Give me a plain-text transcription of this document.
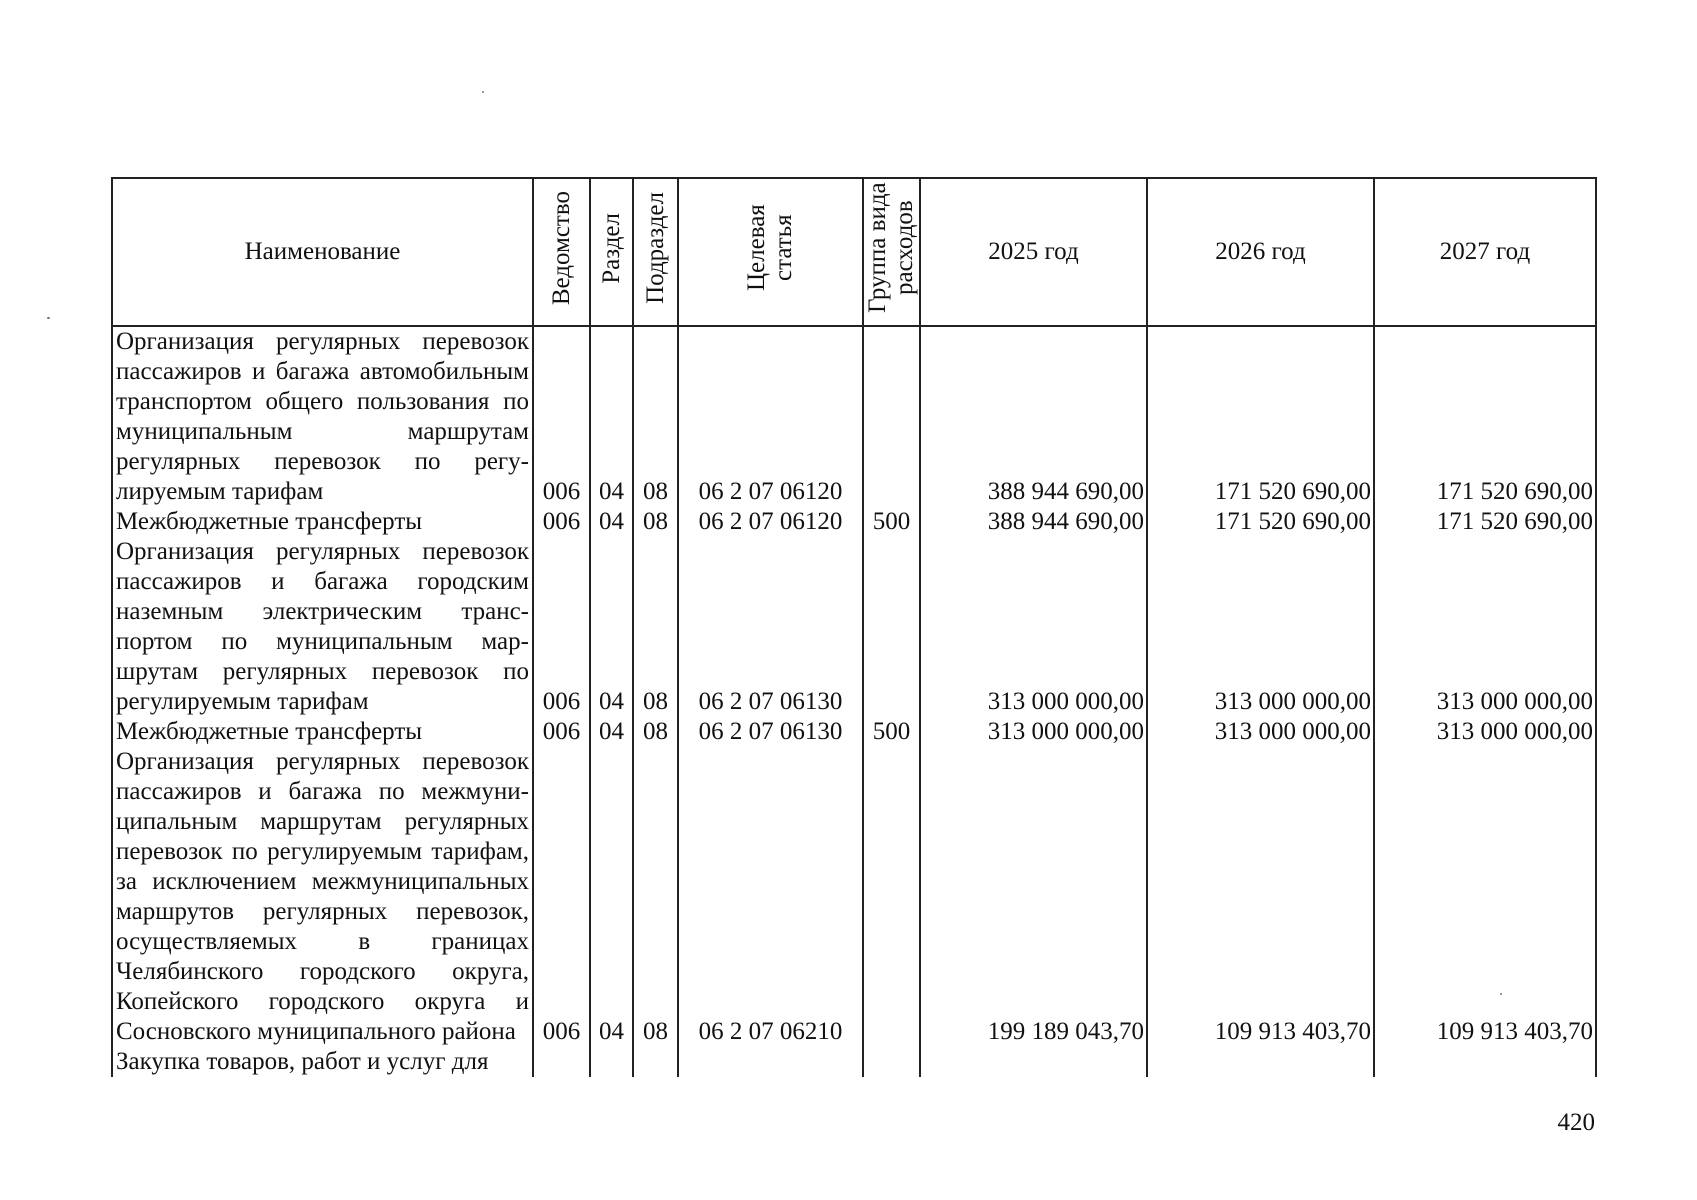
Наименование	Ведомство	Раздел	Подраздел	Целевая статья	Группа вида расходов	2025 год	2026 год	2027 год
Организация регулярных перевозок пассажиров и багажа автомобильным транспортом общего пользования по муниципальным маршрутам регулярных перевозок по регулируемым тарифам	006	04	08	06 2 07 06120		388 944 690,00	171 520 690,00	171 520 690,00
Межбюджетные трансферты	006	04	08	06 2 07 06120	500	388 944 690,00	171 520 690,00	171 520 690,00
Организация регулярных перевозок пассажиров и багажа городским наземным электрическим транспортом по муниципальным маршрутам регулярных перевозок по регулируемым тарифам	006	04	08	06 2 07 06130		313 000 000,00	313 000 000,00	313 000 000,00
Межбюджетные трансферты	006	04	08	06 2 07 06130	500	313 000 000,00	313 000 000,00	313 000 000,00
Организация регулярных перевозок пассажиров и багажа по межмуниципальным маршрутам регулярных перевозок по регулируемым тарифам, за исключением межмуниципальных маршрутов регулярных перевозок, осуществляемых в границах Челябинского городского округа, Копейского городского округа и Сосновского муниципального района	006	04	08	06 2 07 06210		199 189 043,70	109 913 403,70	109 913 403,70
Закупка товаров, работ и услуг для								
420
